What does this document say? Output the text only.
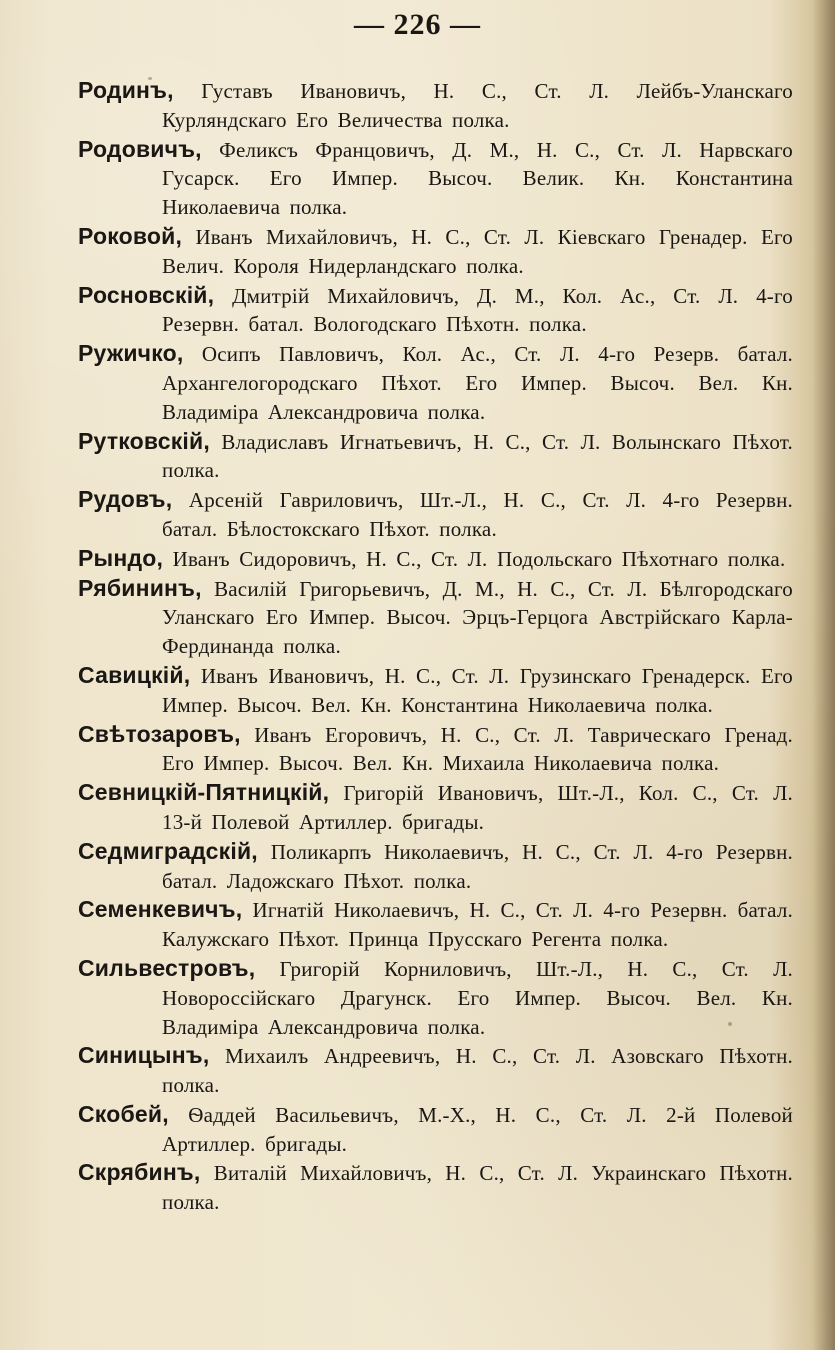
— 226 —

Родинъ, Густавъ Ивановичъ, Н. С., Ст. Л. Лейбъ-Уланскаго Курляндскаго Его Величества полка.

Родовичъ, Феликсъ Францовичъ, Д. М., Н. С., Ст. Л. Нарвскаго Гусарск. Его Импер. Высоч. Велик. Кн. Константина Николаевича полка.

Роковой, Иванъ Михайловичъ, Н. С., Ст. Л. Кіевскаго Гренадер. Его Велич. Короля Нидерландскаго полка.

Росновскій, Дмитрій Михайловичъ, Д. М., Кол. Ас., Ст. Л. 4-го Резервн. батал. Вологодскаго Пѣхотн. полка.

Ружичко, Осипъ Павловичъ, Кол. Ас., Ст. Л. 4-го Резерв. батал. Архангелогородскаго Пѣхот. Его Импер. Высоч. Вел. Кн. Владиміра Александровича полка.

Рутковскій, Владиславъ Игнатьевичъ, Н. С., Ст. Л. Волынскаго Пѣхот. полка.

Рудовъ, Арсеній Гавриловичъ, Шт.-Л., Н. С., Ст. Л. 4-го Резервн. батал. Бѣлостокскаго Пѣхот. полка.

Рындо, Иванъ Сидоровичъ, Н. С., Ст. Л. Подольскаго Пѣхотнаго полка.

Рябининъ, Василій Григорьевичъ, Д. М., Н. С., Ст. Л. Бѣлгородскаго Уланскаго Его Импер. Высоч. Эрцъ-Герцога Австрійскаго Карла-Фердинанда полка.

Савицкій, Иванъ Ивановичъ, Н. С., Ст. Л. Грузинскаго Гренадерск. Его Импер. Высоч. Вел. Кн. Константина Николаевича полка.

Свѣтозаровъ, Иванъ Егоровичъ, Н. С., Ст. Л. Таврическаго Гренад. Его Импер. Высоч. Вел. Кн. Михаила Николаевича полка.

Севницкій-Пятницкій, Григорій Ивановичъ, Шт.-Л., Кол. С., Ст. Л. 13-й Полевой Артиллер. бригады.

Седмиградскій, Поликарпъ Николаевичъ, Н. С., Ст. Л. 4-го Резервн. батал. Ладожскаго Пѣхот. полка.

Семенкевичъ, Игнатій Николаевичъ, Н. С., Ст. Л. 4-го Резервн. батал. Калужскаго Пѣхот. Принца Прусскаго Регента полка.

Сильвестровъ, Григорій Корниловичъ, Шт.-Л., Н. С., Ст. Л. Новороссійскаго Драгунск. Его Импер. Высоч. Вел. Кн. Владиміра Александровича полка.

Синицынъ, Михаилъ Андреевичъ, Н. С., Ст. Л. Азовскаго Пѣхотн. полка.

Скобей, Ѳаддей Васильевичъ, М.-Х., Н. С., Ст. Л. 2-й Полевой Артиллер. бригады.

Скрябинъ, Виталій Михайловичъ, Н. С., Ст. Л. Украинскаго Пѣхотн. полка.
